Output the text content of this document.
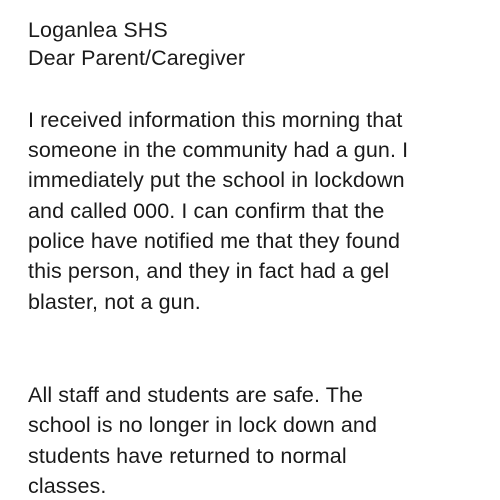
Loganlea SHS
Dear Parent/Caregiver
I received information this morning that
someone in the community had a gun. I
immediately put the school in lockdown
and called 000. I can confirm that the
police have notified me that they found
this person, and they in fact had a gel
blaster, not a gun.
All staff and students are safe. The
school is no longer in lock down and
students have returned to normal
classes.
